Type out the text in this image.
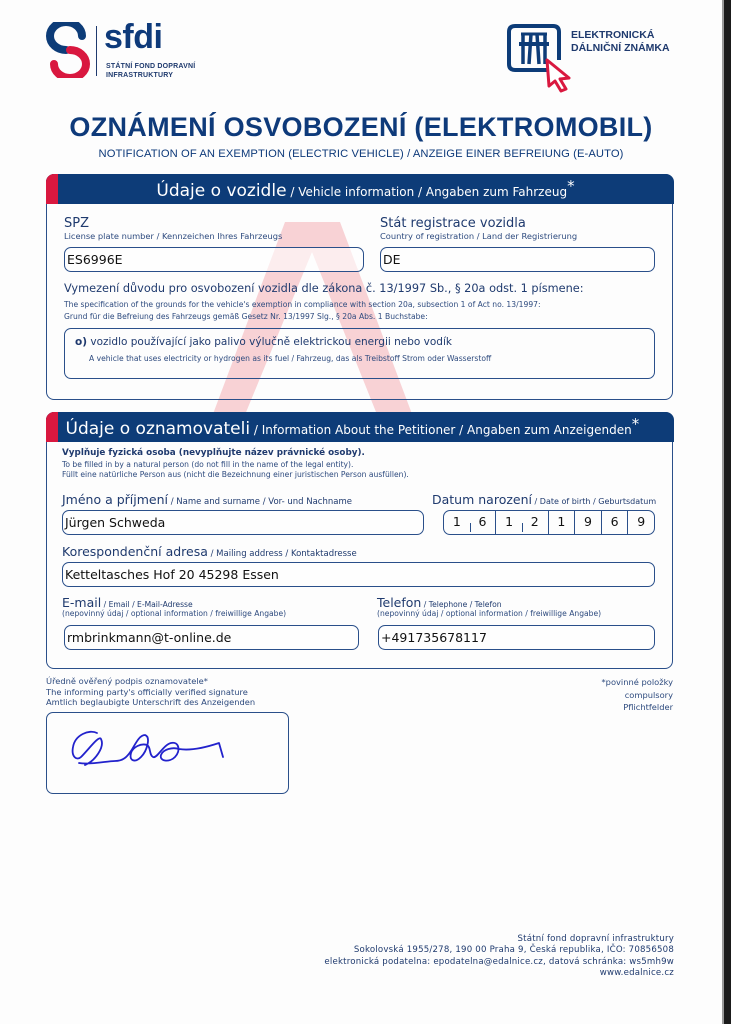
sfdi
STÁTNÍ FOND DOPRAVNÍ
INFRASTRUKTURY
ELEKTRONICKÁ
DÁLNIČNÍ ZNÁMKA
OZNÁMENÍ OSVOBOZENÍ (ELEKTROMOBIL)
NOTIFICATION OF AN EXEMPTION (ELECTRIC VEHICLE) / ANZEIGE EINER BEFREIUNG (E-AUTO)
Údaje o vozidle / Vehicle information / Angaben zum Fahrzeug*
SPZ
License plate number / Kennzeichen Ihres Fahrzeugs
ES6996E
Stát registrace vozidla
Country of registration / Land der Registrierung
DE
Vymezení důvodu pro osvobození vozidla dle zákona č. 13/1997 Sb., § 20a odst. 1 písmene:
The specification of the grounds for the vehicle's exemption in compliance with section 20a, subsection 1 of Act no. 13/1997:
Grund für die Befreiung des Fahrzeugs gemäß Gesetz Nr. 13/1997 Slg., § 20a Abs. 1 Buchstabe:
o) vozidlo používající jako palivo výlučně elektrickou energii nebo vodík
A vehicle that uses electricity or hydrogen as its fuel / Fahrzeug, das als Treibstoff Strom oder Wasserstoff
Údaje o oznamovateli / Information About the Petitioner / Angaben zum Anzeigenden*
Vyplňuje fyzická osoba (nevyplňujte název právnické osoby).
To be filled in by a natural person (do not fill in the name of the legal entity).
Füllt eine natürliche Person aus (nicht die Bezeichnung einer juristischen Person ausfüllen).
Jméno a příjmení / Name and surname / Vor- und Nachname
Jürgen Schweda
Datum narození / Date of birth / Geburtsdatum
1	6	1	2	1	9	6	9
Korespondenční adresa / Mailing address / Kontaktadresse
Ketteltasches Hof 20 45298 Essen
E-mail / Email / E-Mail-Adresse
(nepovinný údaj / optional information / freiwillige Angabe)
rmbrinkmann@t-online.de
Telefon / Telephone / Telefon
(nepovinný údaj / optional information / freiwillige Angabe)
+491735678117
Úředně ověřený podpis oznamovatele*
The informing party's officially verified signature
Amtlich beglaubigte Unterschrift des Anzeigenden
*povinné položky
compulsory
Pflichtfelder
Státní fond dopravní infrastruktury
Sokolovská 1955/278, 190 00 Praha 9, Česká republika, IČO: 70856508
elektronická podatelna: epodatelna@edalnice.cz, datová schránka: ws5mh9w
www.edalnice.cz
